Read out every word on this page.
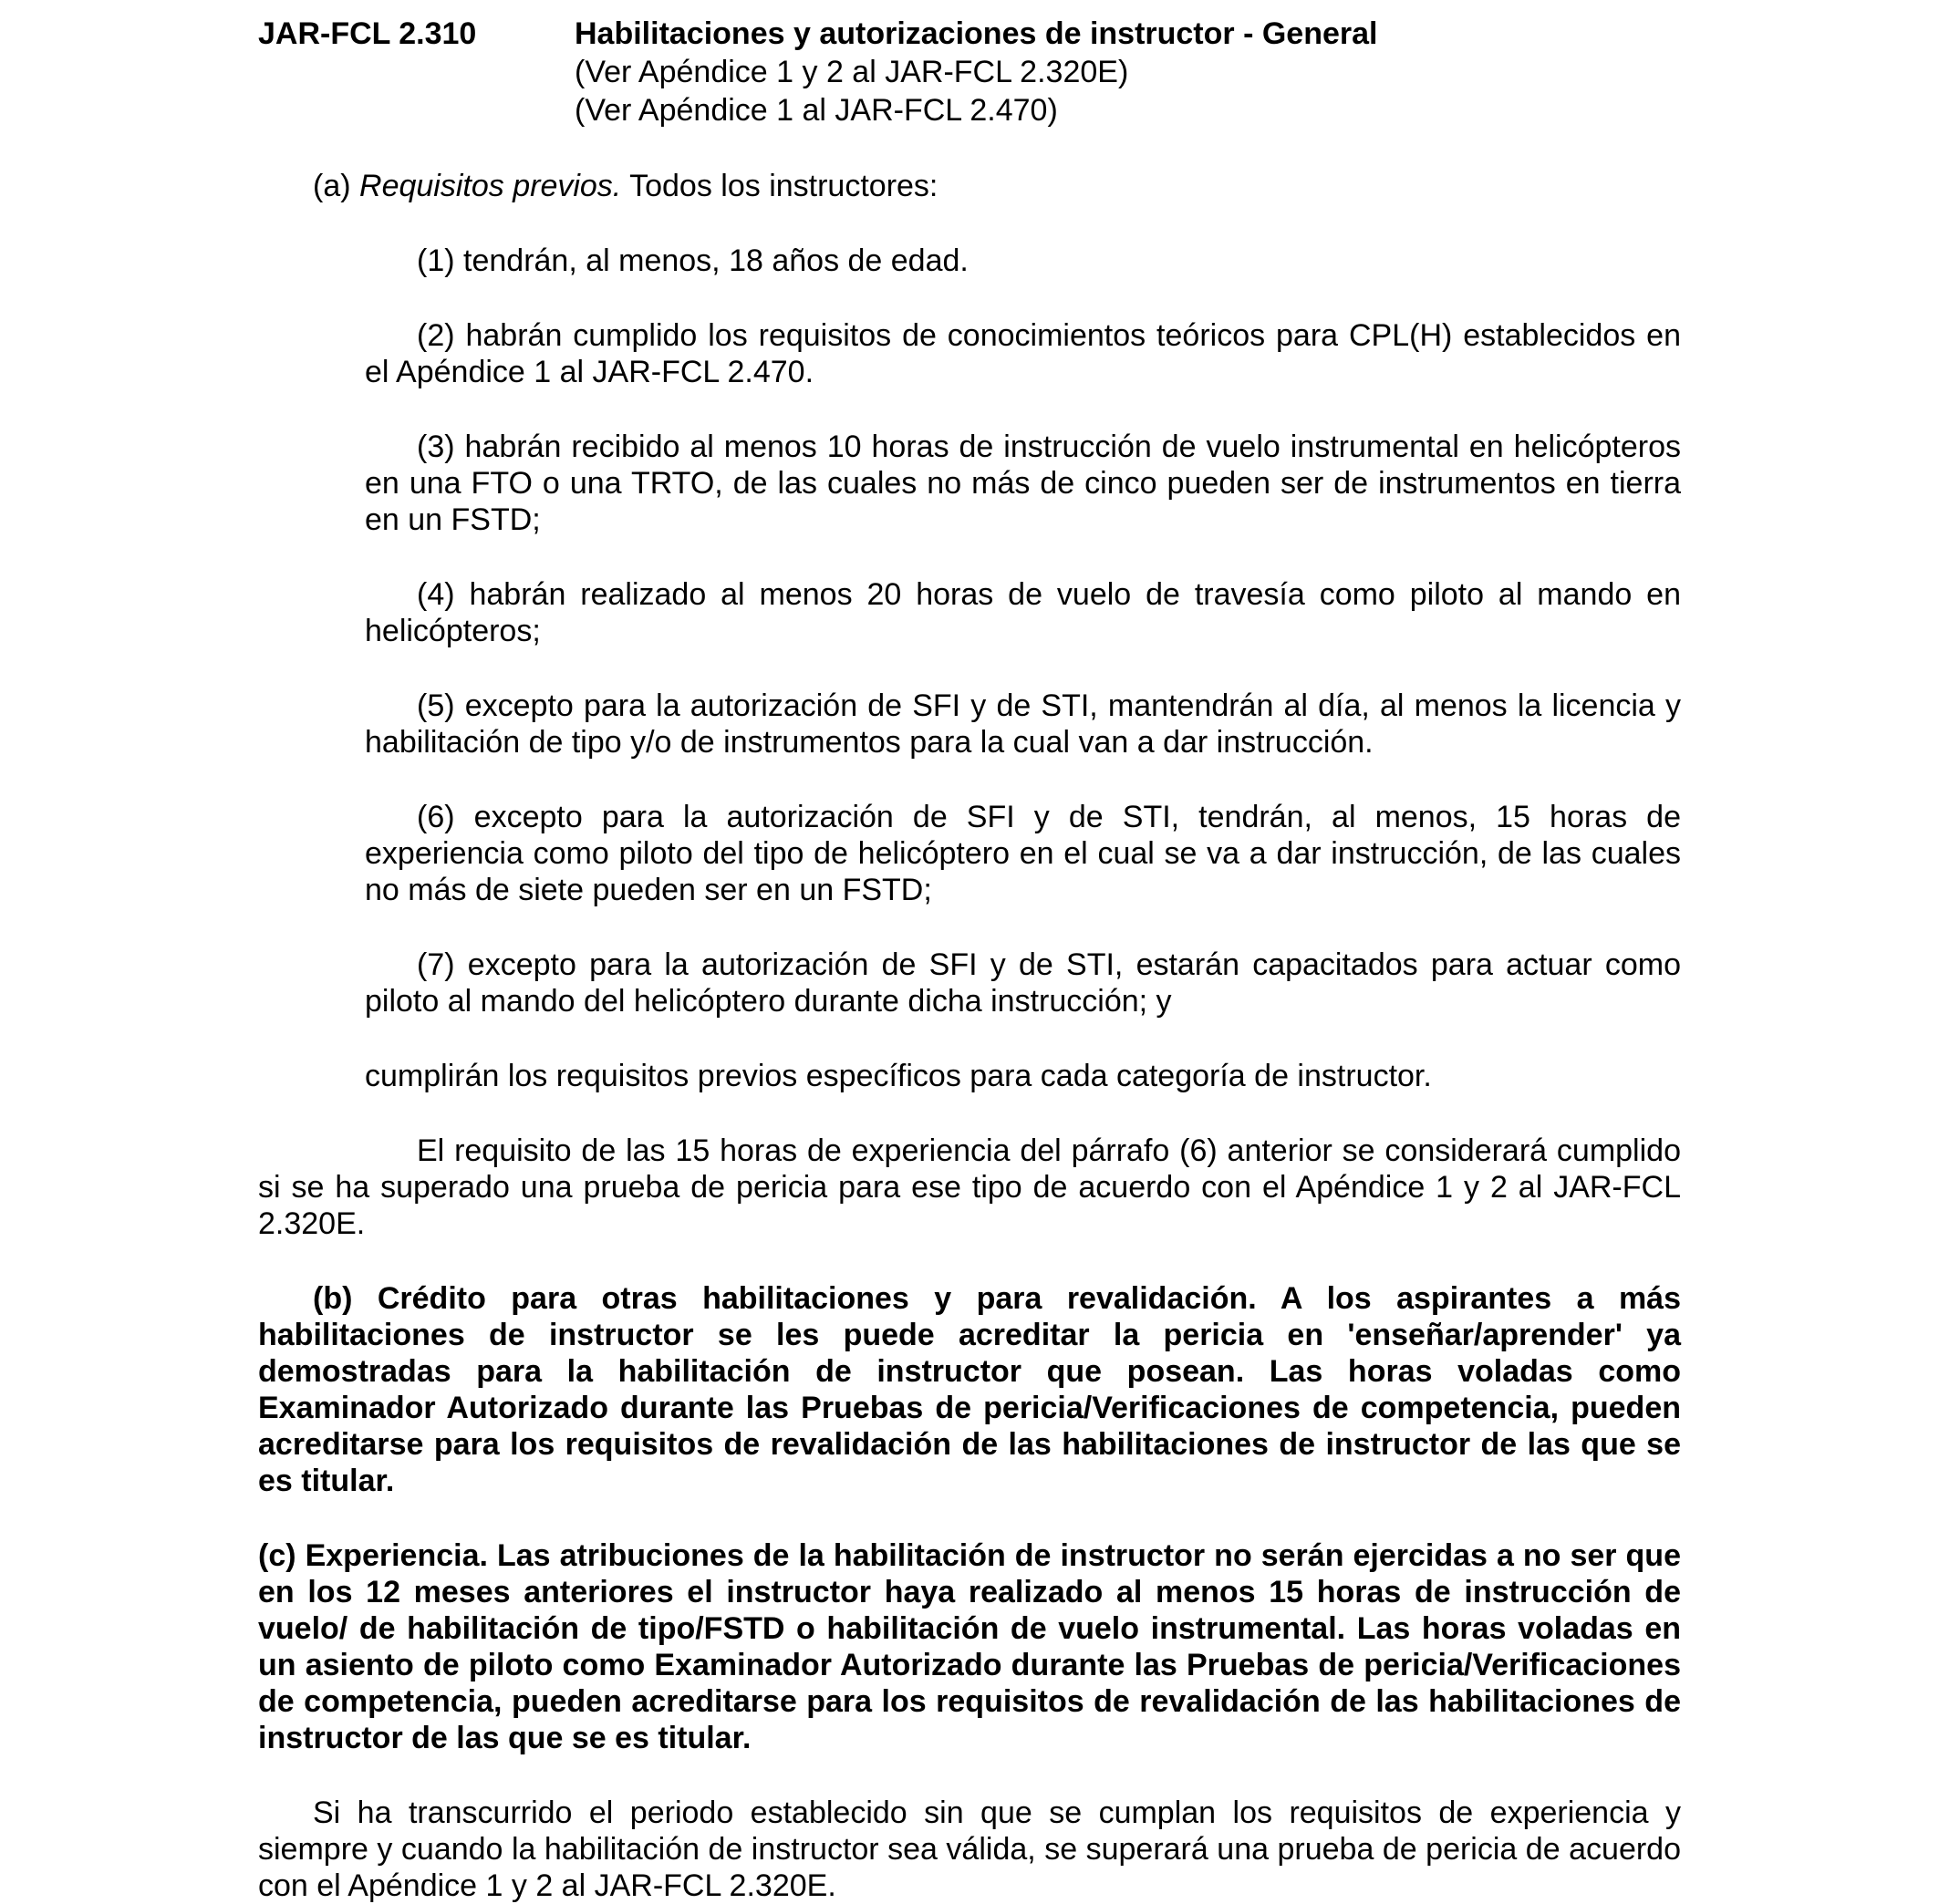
JAR-FCL 2.310	Habilitaciones y autorizaciones de instructor - General
(Ver Apéndice 1 y 2 al JAR-FCL 2.320E)
(Ver Apéndice 1 al JAR-FCL 2.470)

(a) Requisitos previos. Todos los instructores:

(1) tendrán, al menos, 18 años de edad.

(2) habrán cumplido los requisitos de conocimientos teóricos para CPL(H) establecidos en el Apéndice 1 al JAR-FCL 2.470.

(3) habrán recibido al menos 10 horas de instrucción de vuelo instrumental en helicópteros en una FTO o una TRTO, de las cuales no más de cinco pueden ser de instrumentos en tierra en un FSTD;

(4) habrán realizado al menos 20 horas de vuelo de travesía como piloto al mando en helicópteros;

(5) excepto para la autorización de SFI y de STI, mantendrán al día, al menos la licencia y habilitación de tipo y/o de instrumentos para la cual van a dar instrucción.

(6) excepto para la autorización de SFI y de STI, tendrán, al menos, 15 horas de experiencia como piloto del tipo de helicóptero en el cual se va a dar instrucción, de las cuales no más de siete pueden ser en un FSTD;

(7) excepto para la autorización de SFI y de STI, estarán capacitados para actuar como piloto al mando del helicóptero durante dicha instrucción; y

cumplirán los requisitos previos específicos para cada categoría de instructor.

El requisito de las 15 horas de experiencia del párrafo (6) anterior se considerará cumplido si se ha superado una prueba de pericia para ese tipo de acuerdo con el Apéndice 1 y 2 al JAR-FCL 2.320E.

(b) Crédito para otras habilitaciones y para revalidación. A los aspirantes a más habilitaciones de instructor se les puede acreditar la pericia en 'enseñar/aprender' ya demostradas para la habilitación de instructor que posean. Las horas voladas como Examinador Autorizado durante las Pruebas de pericia/Verificaciones de competencia, pueden acreditarse para los requisitos de revalidación de las habilitaciones de instructor de las que se es titular.

(c) Experiencia. Las atribuciones de la habilitación de instructor no serán ejercidas a no ser que en los 12 meses anteriores el instructor haya realizado al menos 15 horas de instrucción de vuelo/ de habilitación de tipo/FSTD o habilitación de vuelo instrumental. Las horas voladas en un asiento de piloto como Examinador Autorizado durante las Pruebas de pericia/Verificaciones de competencia, pueden acreditarse para los requisitos de revalidación de las habilitaciones de instructor de las que se es titular.

Si ha transcurrido el periodo establecido sin que se cumplan los requisitos de experiencia y siempre y cuando la habilitación de instructor sea válida, se superará una prueba de pericia de acuerdo con el Apéndice 1 y 2 al JAR-FCL 2.320E.
